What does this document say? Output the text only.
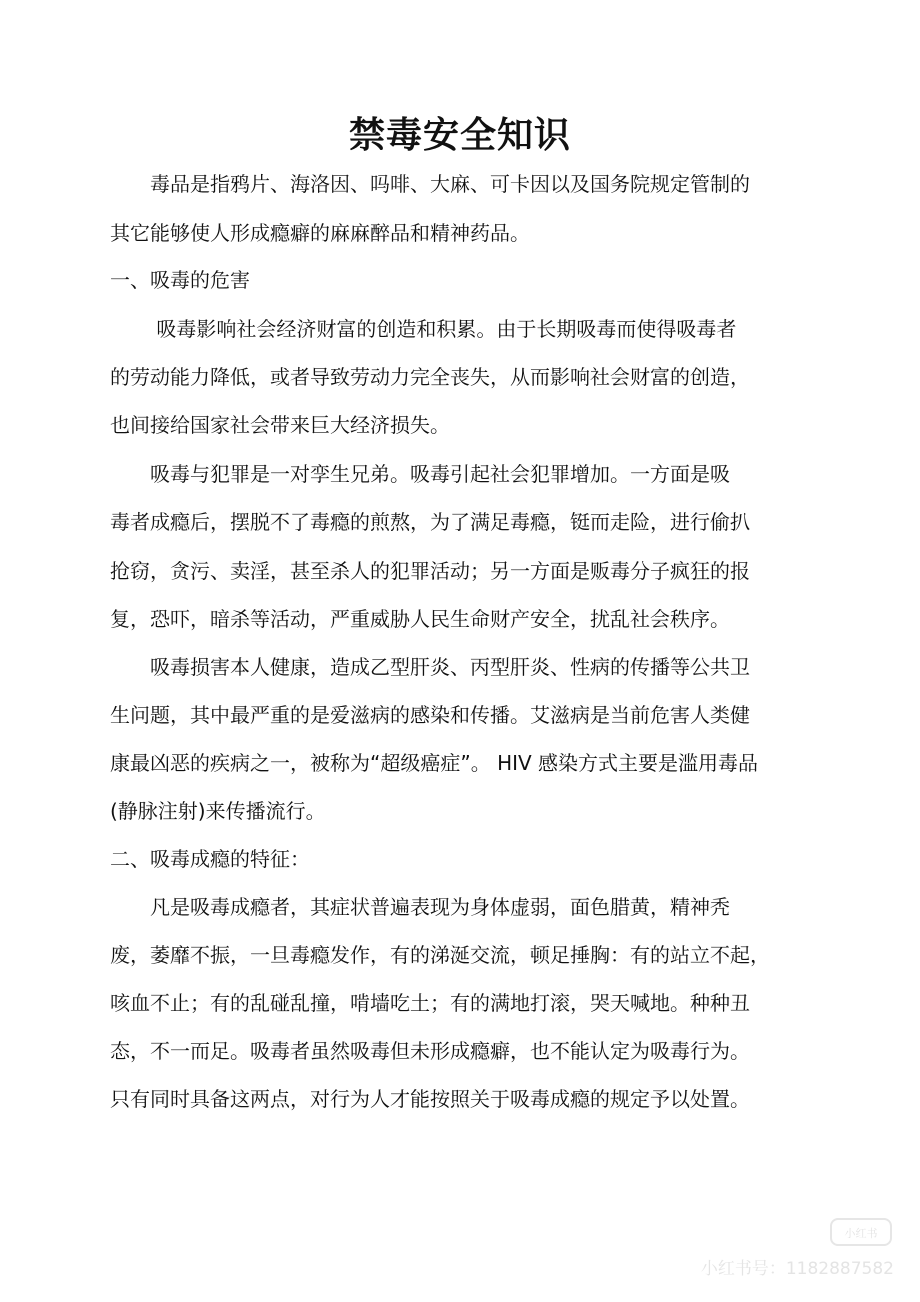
禁毒安全知识
　　毒品是指鸦片、海洛因、吗啡、大麻、可卡因以及国务院规定管制的
其它能够使人形成瘾癖的麻麻醉品和精神药品。
一、吸毒的危害
　　 吸毒影响社会经济财富的创造和积累。由于长期吸毒而使得吸毒者
的劳动能力降低，或者导致劳动力完全丧失，从而影响社会财富的创造，
也间接给国家社会带来巨大经济损失。
　　吸毒与犯罪是一对孪生兄弟。吸毒引起社会犯罪增加。一方面是吸
毒者成瘾后，摆脱不了毒瘾的煎熬，为了满足毒瘾，铤而走险，进行偷扒
抢窃，贪污、卖淫，甚至杀人的犯罪活动；另一方面是贩毒分子疯狂的报
复，恐吓，暗杀等活动，严重威胁人民生命财产安全，扰乱社会秩序。
　　吸毒损害本人健康，造成乙型肝炎、丙型肝炎、性病的传播等公共卫
生问题，其中最严重的是爱滋病的感染和传播。艾滋病是当前危害人类健
康最凶恶的疾病之一，被称为“超级癌症”。 HIV 感染方式主要是滥用毒品
(静脉注射)来传播流行。
二、吸毒成瘾的特征：
　　凡是吸毒成瘾者，其症状普遍表现为身体虚弱，面色腊黄，精神秃
废，萎靡不振，一旦毒瘾发作，有的涕涎交流，顿足捶胸：有的站立不起，
咳血不止；有的乱碰乱撞，啃墙吃土；有的满地打滚，哭天喊地。种种丑
态，不一而足。吸毒者虽然吸毒但未形成瘾癖，也不能认定为吸毒行为。
只有同时具备这两点，对行为人才能按照关于吸毒成瘾的规定予以处置。
小红书
小红书号：1182887582
